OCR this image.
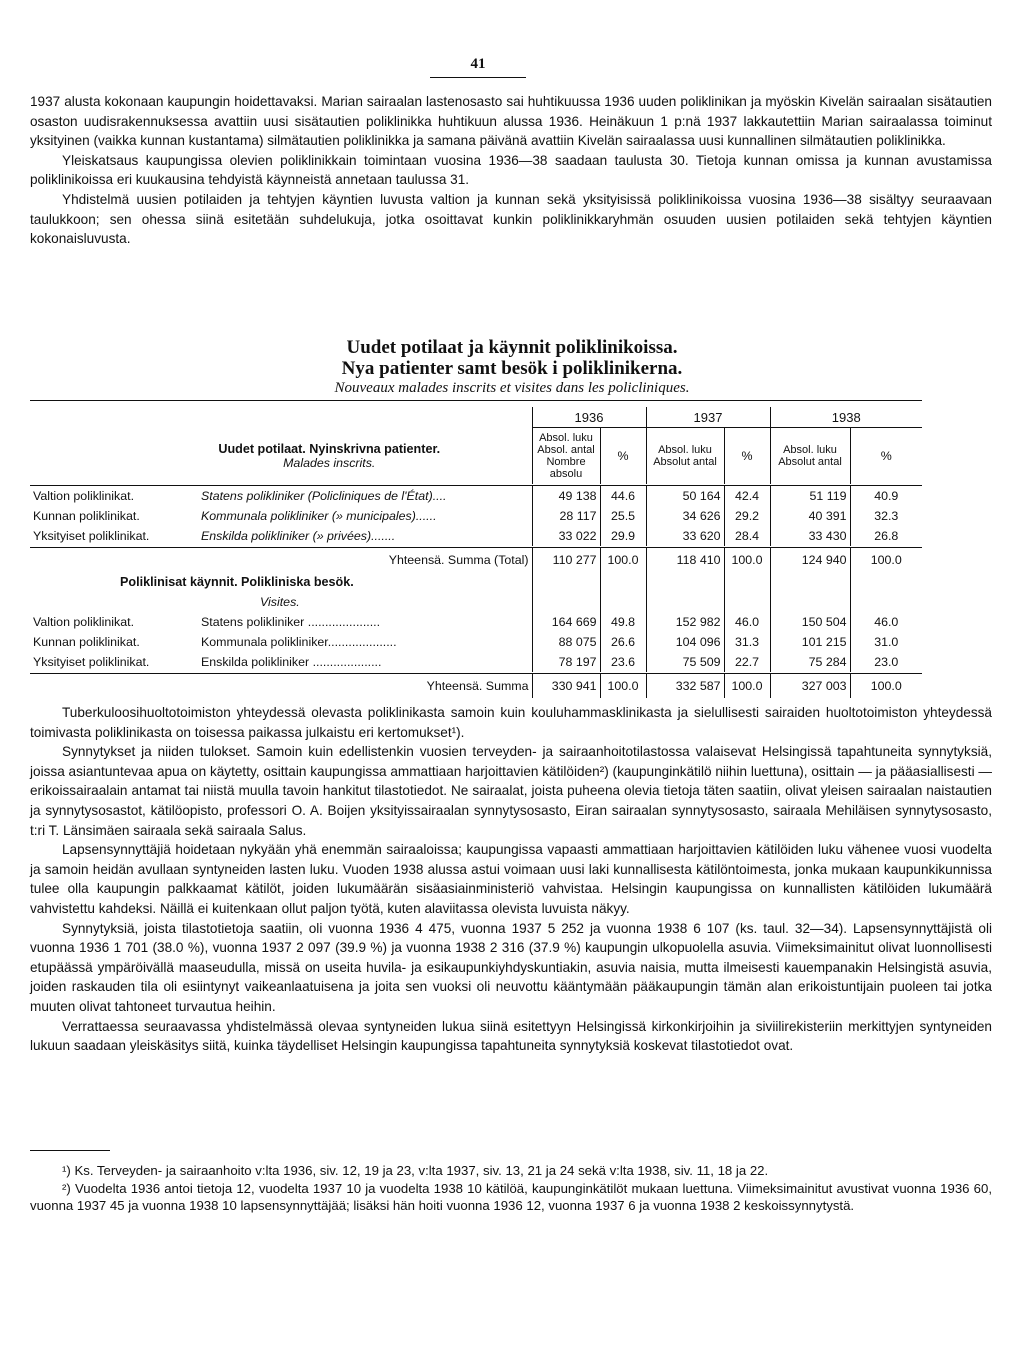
41

1937 alusta kokonaan kaupungin hoidettavaksi. Marian sairaalan lastenosasto sai huhtikuussa 1936 uuden poliklinikan ja myöskin Kivelän sairaalan sisätautien osaston uudisrakennuksessa avattiin uusi sisätautien poliklinikka huhtikuun alussa 1936. Heinäkuun 1 p:nä 1937 lakkautettiin Marian sairaalassa toiminut yksityinen (vaikka kunnan kustantama) silmätautien poliklinikka ja samana päivänä avattiin Kivelän sairaalassa uusi kunnallinen silmätautien poliklinikka.

Yleiskatsaus kaupungissa olevien poliklinikkain toimintaan vuosina 1936—38 saadaan taulusta 30. Tietoja kunnan omissa ja kunnan avustamissa poliklinikoissa eri kuukausina tehdyistä käynneistä annetaan taulussa 31.

Yhdistelmä uusien potilaiden ja tehtyjen käyntien luvusta valtion ja kunnan sekä yksityisissä poliklinikoissa vuosina 1936—38 sisältyy seuraavaan taulukkoon; sen ohessa siinä esitetään suhdelukuja, jotka osoittavat kunkin poliklinikkaryhmän osuuden uusien potilaiden sekä tehtyjen käyntien kokonaisluvusta.

Uudet potilaat ja käynnit poliklinikoissa.
Nya patienter samt besök i poliklinikerna.
Nouveaux malades inscrits et visites dans les policliniques.

		1936		1937		1938	
Uudet potilaat. Nyinskrivna patienter.
Malades inscrits.		Absol. luku Absol. antal Nombre absolu	%	Absol. luku Absolut antal	%	Absol. luku Absolut antal	%

Valtion poliklinikat.	Statens polikliniker (Policliniques de l'État)....	49 138	44.6	50 164	42.4	51 119	40.9
Kunnan poliklinikat.	Kommunala polikliniker (» municipales)......	28 117	25.5	34 626	29.2	40 391	32.3
Yksityiset poliklinikat.	Enskilda polikliniker (» privées).......	33 022	29.9	33 620	28.4	33 430	26.8

Yhteensä. Summa (Total)		110 277	100.0	118 410	100.0	124 940	100.0
Poliklinisat käynnit. Polikliniska besök.							
Visites.							
Valtion poliklinikat.	Statens polikliniker .....................	164 669	49.8	152 982	46.0	150 504	46.0
Kunnan poliklinikat.	Kommunala polikliniker....................	88 075	26.6	104 096	31.3	101 215	31.0
Yksityiset poliklinikat.	Enskilda polikliniker ....................	78 197	23.6	75 509	22.7	75 284	23.0

Yhteensä. Summa		330 941	100.0	332 587	100.0	327 003	100.0

Tuberkuloosihuoltotoimiston yhteydessä olevasta poliklinikasta samoin kuin kouluhammasklinikasta ja sielullisesti sairaiden huoltotoimiston yhteydessä toimivasta poliklinikasta on toisessa paikassa julkaistu eri kertomukset¹).

Synnytykset ja niiden tulokset. Samoin kuin edellistenkin vuosien terveyden- ja sairaanhoitotilastossa valaisevat Helsingissä tapahtuneita synnytyksiä, joissa asiantuntevaa apua on käytetty, osittain kaupungissa ammattiaan harjoittavien kätilöiden²) (kaupunginkätilö niihin luettuna), osittain — ja pääasiallisesti — erikoissairaalain antamat tai niistä muulla tavoin hankitut tilastotiedot. Ne sairaalat, joista puheena olevia tietoja täten saatiin, olivat yleisen sairaalan naistautien ja synnytysosastot, kätilöopisto, professori O. A. Boijen yksityissairaalan synnytysosasto, Eiran sairaalan synnytysosasto, sairaala Mehiläisen synnytysosasto, t:ri T. Länsimäen sairaala sekä sairaala Salus.

Lapsensynnyttäjiä hoidetaan nykyään yhä enemmän sairaaloissa; kaupungissa vapaasti ammattiaan harjoittavien kätilöiden luku vähenee vuosi vuodelta ja samoin heidän avullaan syntyneiden lasten luku. Vuoden 1938 alussa astui voimaan uusi laki kunnallisesta kätilöntoimesta, jonka mukaan kaupunkikunnissa tulee olla kaupungin palkkaamat kätilöt, joiden lukumäärän sisäasiainministeriö vahvistaa. Helsingin kaupungissa on kunnallisten kätilöiden lukumäärä vahvistettu kahdeksi. Näillä ei kuitenkaan ollut paljon työtä, kuten alaviitassa olevista luvuista näkyy.

Synnytyksiä, joista tilastotietoja saatiin, oli vuonna 1936 4 475, vuonna 1937 5 252 ja vuonna 1938 6 107 (ks. taul. 32—34). Lapsensynnyttäjistä oli vuonna 1936 1 701 (38.0 %), vuonna 1937 2 097 (39.9 %) ja vuonna 1938 2 316 (37.9 %) kaupungin ulkopuolella asuvia. Viimeksimainitut olivat luonnollisesti etupäässä ympäröivällä maaseudulla, missä on useita huvila- ja esikaupunkiyhdyskuntiakin, asuvia naisia, mutta ilmeisesti kauempanakin Helsingistä asuvia, joiden raskauden tila oli esiintynyt vaikeanlaatuisena ja joita sen vuoksi oli neuvottu kääntymään pääkaupungin tämän alan erikoistuntijain puoleen tai jotka muuten olivat tahtoneet turvautua heihin.

Verrattaessa seuraavassa yhdistelmässä olevaa syntyneiden lukua siinä esitettyyn Helsingissä kirkonkirjoihin ja siviilirekisteriin merkittyjen syntyneiden lukuun saadaan yleiskäsitys siitä, kuinka täydelliset Helsingin kaupungissa tapahtuneita synnytyksiä koskevat tilastotiedot ovat.

¹) Ks. Terveyden- ja sairaanhoito v:lta 1936, siv. 12, 19 ja 23, v:lta 1937, siv. 13, 21 ja 24 sekä v:lta 1938, siv. 11, 18 ja 22.

²) Vuodelta 1936 antoi tietoja 12, vuodelta 1937 10 ja vuodelta 1938 10 kätilöä, kaupunginkätilöt mukaan luettuna. Viimeksimainitut avustivat vuonna 1936 60, vuonna 1937 45 ja vuonna 1938 10 lapsensynnyttäjää; lisäksi hän hoiti vuonna 1936 12, vuonna 1937 6 ja vuonna 1938 2 keskoissynnytystä.
